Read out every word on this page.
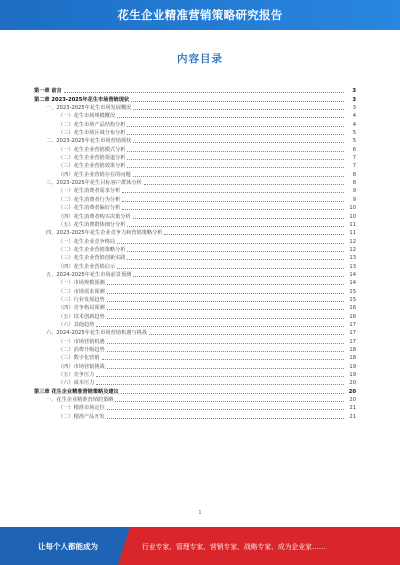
花生企业精准营销策略研究报告
内容目录
第一章 前言	3
第二章 2023-2025年花生市场营销现状	3
一、2023-2025年花生市场发展概况	3
（一）花生市场规模概况	4
（二）花生市场产品结构分析	4
（三）花生市场区域分布分析	5
二、2023-2025年花生市场营销现状	5
（一）花生企业营销模式分析	6
（二）花生企业营销渠道分析	7
（三）花生企业营销效果分析	7
（四）花生企业营销存在的问题	8
三、2023-2025年花生目标客户群体分析	8
（一）花生消费者需求分析	9
（二）花生消费者行为分析	9
（三）花生消费者偏好分析	10
（四）花生消费者购买决策分析	10
（五）花生消费群体细分分析	11
四、2023-2025年花生企业竞争力和营销策略分析	11
（一）花生企业竞争格局	12
（二）花生企业营销策略分析	12
（三）花生企业营销创新实践	13
（四）花生企业营销启示	13
五、2024-2025年花生市场前景预测	14
（一）市场规模预测	14
（二）市场需求预测	15
（三）行业发展趋势	15
（四）竞争格局预测	16
（五）技术创新趋势	16
（六）其他趋势	17
六、2024-2025年花生市场营销机遇与挑战	17
（一）市场营销机遇	17
（二）消费升级趋势	18
（三）数字化营销	18
（四）市场营销挑战	19
（五）竞争压力	19
（六）成本压力	20
第三章 花生企业精准营销策略及建议	20
一、花生企业精准营销的策略	20
（一）精准市场定位	21
（二）精准产品开发	21
1
让每个人都能成为	行业专家、管理专家、营销专家、战略专家、成为企业家……
